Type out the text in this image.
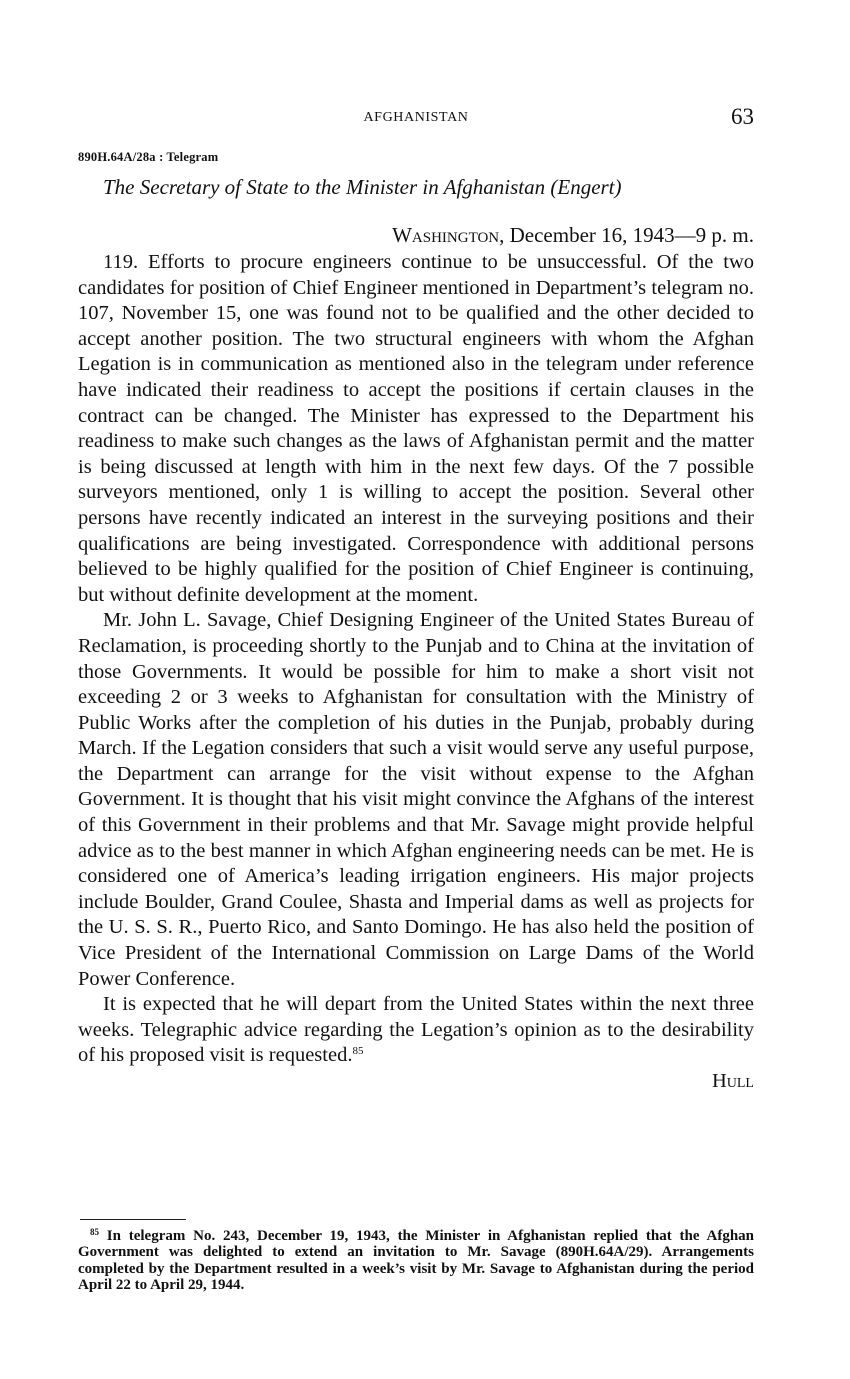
AFGHANISTAN	63
890H.64A/28a : Telegram
The Secretary of State to the Minister in Afghanistan (Engert)
Washington, December 16, 1943—9 p. m.

119. Efforts to procure engineers continue to be unsuccessful. Of the two candidates for position of Chief Engineer mentioned in Department’s telegram no. 107, November 15, one was found not to be qualified and the other decided to accept another position. The two structural engineers with whom the Afghan Legation is in communication as mentioned also in the telegram under reference have indicated their readiness to accept the positions if certain clauses in the contract can be changed. The Minister has expressed to the Department his readiness to make such changes as the laws of Afghanistan permit and the matter is being discussed at length with him in the next few days. Of the 7 possible surveyors mentioned, only 1 is willing to accept the position. Several other persons have recently indicated an interest in the surveying positions and their qualifications are being investigated. Correspondence with additional persons believed to be highly qualified for the position of Chief Engineer is continuing, but without definite development at the moment.

Mr. John L. Savage, Chief Designing Engineer of the United States Bureau of Reclamation, is proceeding shortly to the Punjab and to China at the invitation of those Governments. It would be possible for him to make a short visit not exceeding 2 or 3 weeks to Afghanistan for consultation with the Ministry of Public Works after the completion of his duties in the Punjab, probably during March. If the Legation considers that such a visit would serve any useful purpose, the Department can arrange for the visit without expense to the Afghan Government. It is thought that his visit might convince the Afghans of the interest of this Government in their problems and that Mr. Savage might provide helpful advice as to the best manner in which Afghan engineering needs can be met. He is considered one of America’s leading irrigation engineers. His major projects include Boulder, Grand Coulee, Shasta and Imperial dams as well as projects for the U. S. S. R., Puerto Rico, and Santo Domingo. He has also held the position of Vice President of the International Commission on Large Dams of the World Power Conference.

It is expected that he will depart from the United States within the next three weeks. Telegraphic advice regarding the Legation’s opinion as to the desirability of his proposed visit is requested.$^{85}$

Hull

$^{85}$ In telegram No. 243, December 19, 1943, the Minister in Afghanistan replied that the Afghan Government was delighted to extend an invitation to Mr. Savage (890H.64A/29). Arrangements completed by the Department resulted in a week’s visit by Mr. Savage to Afghanistan during the period April 22 to April 29, 1944.
